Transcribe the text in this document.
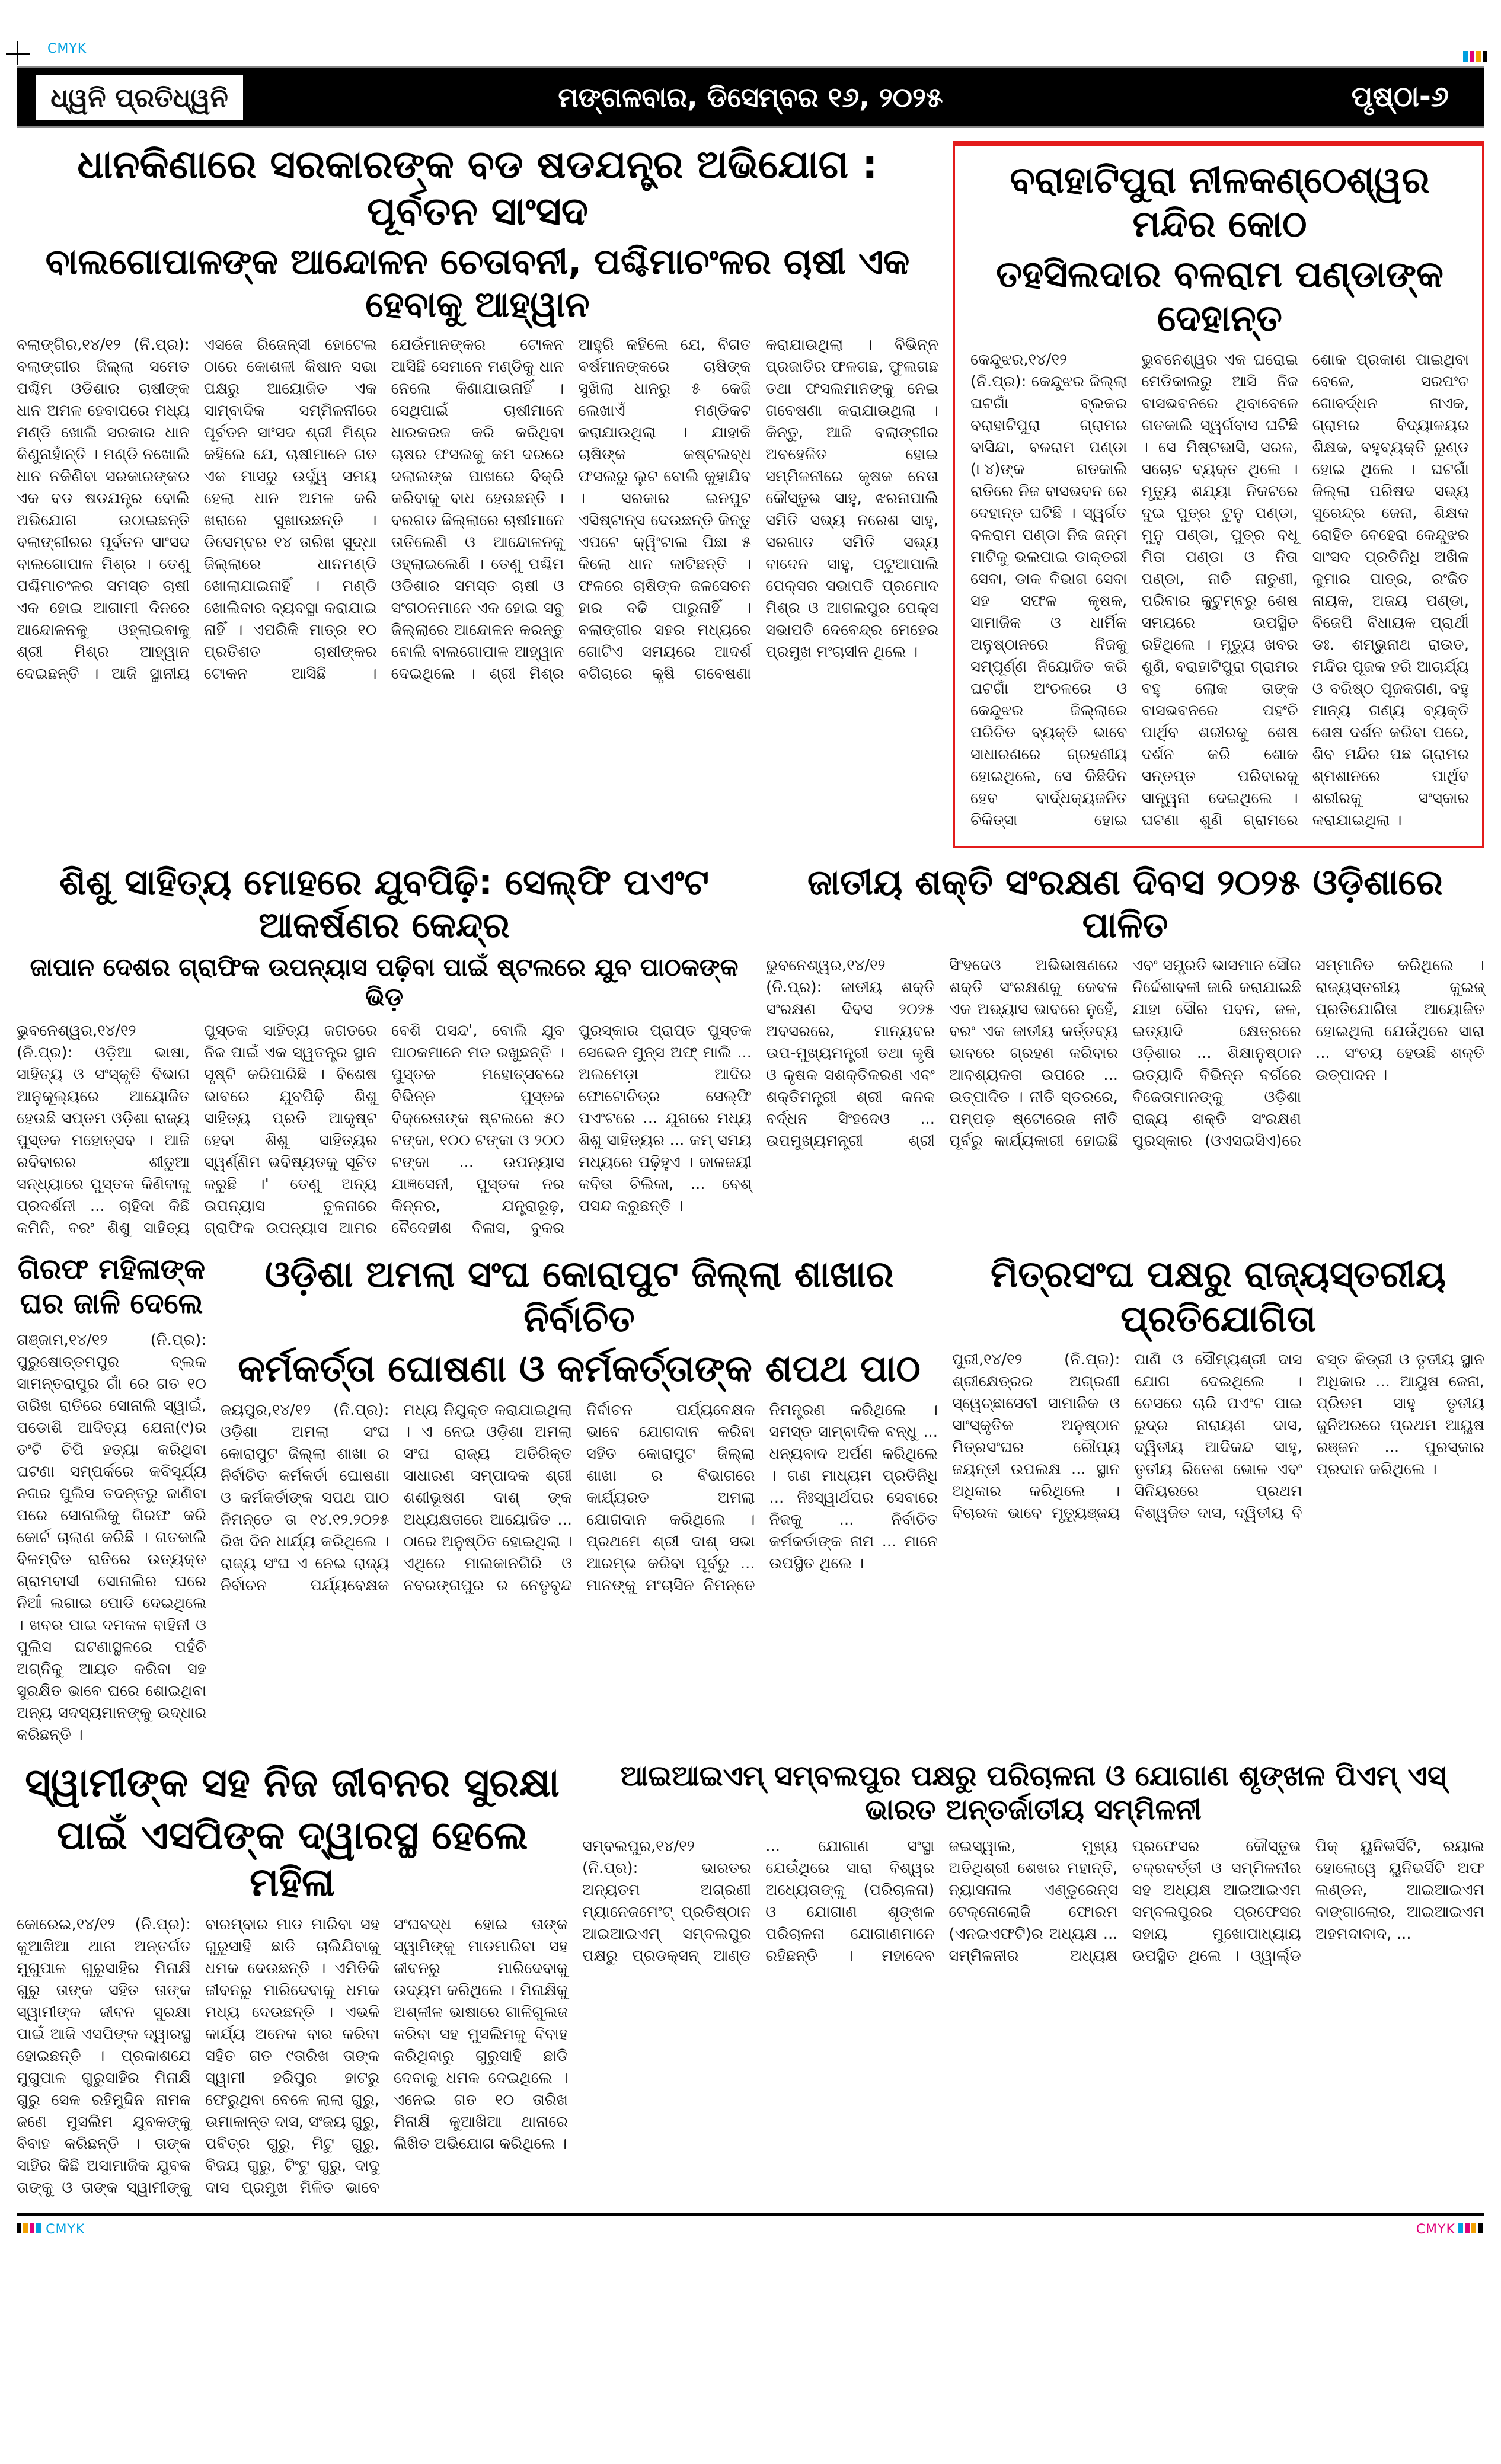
CMYK
ଧ୍ୱନି ପ୍ରତିଧ୍ୱନି	ମଙ୍ଗଳବାର, ଡିସେମ୍ବର ୧୬, ୨୦୨୫	ପୃଷ୍ଠା-୬
ଧାନକିଣାରେ ସରକାରଙ୍କ ବଡ ଷଡଯନ୍ତ୍ର ଅଭିଯୋଗ : ପୂର୍ବତନ ସାଂସଦ
ବାଲଗୋପାଳଙ୍କ ଆନ୍ଦୋଳନ ଚେତାବନୀ, ପଶ୍ଚିମାଚଂଳର ଚାଷୀ ଏକ ହେବାକୁ ଆହ୍ୱାନ
ବଲାଙ୍ଗିର,୧୪/୧୨ (ନି.ପ୍ର): ବଲାଙ୍ଗୀର ଜିଲ୍ଲା ସମେତ ପଶ୍ଚିମ ଓଡିଶାର ଚାଷୀଙ୍କ ଧାନ ଅମଳ ହେବାପରେ ମଧ୍ୟ ମଣ୍ଡି ଖୋଲି ସରକାର ଧାନ କିଣୁନାହାଁନ୍ତି । ମଣ୍ଡି ନଖୋଲି ଧାନ ନକିଣିବା ସରକାରଙ୍କର ଏକ ବଡ ଷଡଯନ୍ତ୍ର ବୋଲି ଅଭିଯୋଗ ଉଠାଇଛନ୍ତି ବଲାଙ୍ଗୀରର ପୂର୍ବତନ ସାଂସଦ ବାଲଗୋପାଳ ମିଶ୍ର । ତେଣୁ ପଶ୍ଚିମାଚଂଳର ସମସ୍ତ ଚାଷୀ ଏକ ହୋଇ ଆଗାମୀ ଦିନରେ ଆନ୍ଦୋଳନକୁ ଓହ୍ଲାଇବାକୁ ଶ୍ରୀ ମିଶ୍ର ଆହ୍ୱାନ ଦେଇଛନ୍ତି । ଆଜି ସ୍ଥାନୀୟ ଏସଜେ ରିଜେନ୍ସୀ ହୋଟେଲ ଠାରେ କୋଶଳୀ କିଷାନ ସଭା ପକ୍ଷରୁ ଆୟୋଜିତ ଏକ ସାମ୍ବାଦିକ ସମ୍ମିଳନୀରେ ପୂର୍ବତନ ସାଂସଦ ଶ୍ରୀ ମିଶ୍ର କହିଲେ ଯେ, ଚାଷୀମାନେ ଗତ ଏକ ମାସରୁ ଉର୍ଦ୍ଧ୍ୱ ସମୟ ହେଲା ଧାନ ଅମଳ କରି ଖରାରେ ସୁଖାଉଛନ୍ତି । ଡିସେମ୍ବର ୧୪ ତାରିଖ ସୁଦ୍ଧା ଜିଲ୍ଲାରେ ଧାନମଣ୍ଡି ଖୋଲାଯାଇନାହିଁ । ମଣ୍ଡି ଖୋଲିବାର ବ୍ୟବସ୍ଥା କରାଯାଇ ନାହିଁ । ଏପରିକି ମାତ୍ର ୧୦ ପ୍ରତିଶତ ଚାଷୀଙ୍କର ଟୋକନ ଆସିଛି । ଯେଉଁମାନଙ୍କର ଟୋକନ ଆସିଛି ସେମାନେ ମଣ୍ଡିକୁ ଧାନ ନେଲେ କିଣାଯାଉନାହିଁ । ସେଥିପାଇଁ ଚାଷୀମାନେ ଧାରକରଜ କରି କରିଥିବା ଚାଷର ଫସଲକୁ କମ ଦରରେ ଦଲାଲଙ୍କ ପାଖରେ ବିକ୍ରି କରିବାକୁ ବାଧ ହେଉଛନ୍ତି । ବରଗଡ ଜିଲ୍ଲାରେ ଚାଷୀମାନେ ତାତିଲେଣି ଓ ଆନ୍ଦୋଳନକୁ ଓହ୍ଲାଇଲେଣି । ତେଣୁ ପଶ୍ଚିମ ଓଡିଶାର ସମସ୍ତ ଚାଷୀ ଓ ସଂଗଠନମାନେ ଏକ ହୋଇ ସବୁ ଜିଲ୍ଲାରେ ଆନ୍ଦୋଳନ କରନ୍ତୁ ବୋଲି ବାଲଗୋପାଳ ଆହ୍ୱାନ ଦେଇଥିଲେ । ଶ୍ରୀ ମିଶ୍ର ଆହୁରି କହିଲେ ଯେ, ବିଗତ ବର୍ଷମାନଙ୍କରେ ଚାଷିଙ୍କ ସୁଖିଲା ଧାନରୁ ୫ କେଜି ଲେଖାଏଁ ମଣ୍ଡିକଟ କରାଯାଉଥିଲା । ଯାହାକି ଚାଷିଙ୍କ କଷ୍ଟଲବ୍ଧ ଫସଲରୁ ଲୁଟ ବୋଲି କୁହାଯିବ । ସରକାର ଇନପୁଟ ଏସିଷ୍ଟାନ୍ସ ଦେଉଛନ୍ତି କିନ୍ତୁ ଏପଟେ କ୍ୱିଂଟାଲ ପିଛା ୫ କିଲୋ ଧାନ କାଟିଛନ୍ତି । ଫଳରେ ଚାଷିଙ୍କ ଜଳସେଚନ ହାର ବଢି ପାରୁନାହିଁ । ବଲାଙ୍ଗୀର ସହର ମଧ୍ୟରେ ଗୋଟିଏ ସମୟରେ ଆଦର୍ଶ ବଗିଚାରେ କୃଷି ଗବେଷଣା କରାଯାଉଥିଲା । ବିଭିନ୍ନ ପ୍ରଜାତିର ଫଳଗଛ, ଫୁଲଗଛ ତଥା ଫସଲମାନଙ୍କୁ ନେଇ ଗବେଷଣା କରାଯାଉଥିଲା । କିନ୍ତୁ, ଆଜି ବଲାଙ୍ଗୀର ଅବହେଳିତ ହୋଇ ସମ୍ମିଳନୀରେ କୃଷକ ନେତା କୌସ୍ତୁଭ ସାହୁ, ଝରନାପାଲି ସମିତି ସଭ୍ୟ ନରେଶ ସାହୁ, ସରଗାଡ ସମିତି ସଭ୍ୟ ବାଦେନ ସାହୁ, ପଟୁଆପାଲି ପେକ୍ସର ସଭାପତି ପ୍ରମୋଦ ମିଶ୍ର ଓ ଆଗଲପୁର ପେକ୍ସ ସଭାପତି ଦେବେନ୍ଦ୍ର ମେହେର ପ୍ରମୁଖ ମଂଚାସୀନ ଥିଲେ ।
ବରାହାଟିପୁରା ନୀଳକଣ୍ଠେଶ୍ୱର ମନ୍ଦିର କୋଠ
ତହସିଲଦାର ବଳରାମ ପଣ୍ଡାଙ୍କ ଦେହାନ୍ତ
କେନ୍ଦୁଝର,୧୪/୧୨ (ନି.ପ୍ର): କେନ୍ଦୁଝର ଜିଲ୍ଲା ଘଟଗାଁ ବ୍ଲକର ବରାହାଟିପୁରା ଗ୍ରାମର ବାସିନ୍ଦା, ବଳରାମ ପଣ୍ଡା (୮୪)ଙ୍କ ଗତକାଲି ରାତିରେ ନିଜ ବାସଭବନ ରେ ଦେହାନ୍ତ ଘଟିଛି । ସ୍ୱର୍ଗତ ବଳରାମ ପଣ୍ଡା ନିଜ ଜନ୍ମ ମାଟିକୁ ଭଲପାଇ ଡାକ୍ତରୀ ସେବା, ଡାକ ବିଭାଗ ସେବା ସହ ସଫଳ କୃଷକ, ସାମାଜିକ ଓ ଧାର୍ମିକ ଅନୁଷ୍ଠାନରେ ନିଜକୁ ସମ୍ପୂର୍ଣ୍ଣ ନିୟୋଜିତ କରି ଘଟଗାଁ ଅଂଚଳରେ ଓ କେନ୍ଦୁଝର ଜିଲ୍ଲାରେ ପରିଚିତ ବ୍ୟକ୍ତି ଭାବେ ସାଧାରଣରେ ଗ୍ରହଣୀୟ ହୋଇଥିଲେ, ସେ କିଛିଦିନ ହେବ ବାର୍ଦ୍ଧକ୍ୟଜନିତ ଚିକିତ୍ସା ହୋଇ ଭୁବନେଶ୍ୱର ଏକ ଘରୋଇ ମେଡିକାଲରୁ ଆସି ନିଜ ବାସଭବନରେ ଥିବାବେଳେ ଗତକାଲି ସ୍ୱର୍ଗବାସ ଘଟିଛି । ସେ ମିଷ୍ଟଭାସି, ସରଳ, ସଚୋଟ ବ୍ୟକ୍ତ ଥିଲେ । ମୃତ୍ୟୁ ଶଯ୍ୟା ନିକଟରେ ଦୁଇ ପୁତ୍ର ଟୁନୁ ପଣ୍ଡା, ମୁନୁ ପଣ୍ଡା, ପୁତ୍ର ବଧୂ ମିତା ପଣ୍ଡା ଓ ନିତା ପଣ୍ଡା, ନାତି ନାତୁଣୀ, ପରିବାର କୁଟୁମ୍ବରୁ ଶେଷ ସମୟରେ ଉପସ୍ଥିତ ରହିଥିଲେ । ମୃତ୍ୟୁ ଖବର ଶୁଣି, ବରାହାଟିପୁରା ଗ୍ରାମର ବହୁ ଲୋକ ତାଙ୍କ ବାସଭବନରେ ପହଂଚି ପାର୍ଥିବ ଶରୀରକୁ ଶେଷ ଦର୍ଶନ କରି ଶୋକ ସନ୍ତପ୍ତ ପରିବାରକୁ ସାନ୍ତ୍ୱନା ଦେଇଥିଲେ । ଘଟଣା ଶୁଣି ଗ୍ରାମରେ ଶୋକ ପ୍ରକାଶ ପାଇଥିବା ବେଳେ, ସରପଂଚ ଗୋବର୍ଦ୍ଧନ ନାଏକ, ଗ୍ରାମର ବିଦ୍ୟାଳୟର ଶିକ୍ଷକ, ବହୁବ୍ୟକ୍ତି ରୁଣ୍ଡ ହୋଇ ଥିଲେ । ଘଟଗାଁ ଜିଲ୍ଲା ପରିଷଦ ସଭ୍ୟ ସୁରେନ୍ଦ୍ର ଜେନା, ଶିକ୍ଷକ ରୋହିତ ବେହେରା କେନ୍ଦୁଝର ସାଂସଦ ପ୍ରତିନିଧି ଅଖିଳ କୁମାର ପାତ୍ର, ରଂଜିତ ନାୟକ, ଅଜୟ ପଣ୍ଡା, ବିଜେପି ବିଧାୟକ ପ୍ରାର୍ଥୀ ଡଃ. ଶମ୍ଭୁନାଥ ରାଉତ, ମନ୍ଦିର ପୂଜକ ହରି ଆଚାର୍ଯ୍ୟ ଓ ବରିଷ୍ଠ ପୂଜକଗଣ, ବହୁ ମାନ୍ୟ ଗଣ୍ୟ ବ୍ୟକ୍ତି ଶେଷ ଦର୍ଶନ କରିବା ପରେ, ଶିବ ମନ୍ଦିର ପଛ ଗ୍ରାମର ଶ୍ମଶାନରେ ପାର୍ଥିବ ଶରୀରକୁ ସଂସ୍କାର କରାଯାଇଥିଲା ।
ଶିଶୁ ସାହିତ୍ୟ ମୋହରେ ଯୁବପିଢ଼ି: ସେଲ୍ଫି ପଏଂଟ ଆକର୍ଷଣର କେନ୍ଦ୍ର
ଜାପାନ ଦେଶର ଗ୍ରାଫିକ ଉପନ୍ୟାସ ପଢ଼ିବା ପାଇଁ ଷ୍ଟଲରେ ଯୁବ ପାଠକଙ୍କ ଭିଡ଼
ଭୁବନେଶ୍ୱର,୧୪/୧୨ (ନି.ପ୍ର): ଓଡ଼ିଆ ଭାଷା, ସାହିତ୍ୟ ଓ ସଂସ୍କୃତି ବିଭାଗ ଆନୁକୂଲ୍ୟରେ ଆୟୋଜିତ ହେଉଛି ସପ୍ତମ ଓଡ଼ିଶା ରାଜ୍ୟ ପୁସ୍ତକ ମହୋତ୍ସବ । ଆଜି ରବିବାରର ଶୀତୁଆ ସନ୍ଧ୍ୟାରେ ପୁସ୍ତକ କିଣିବାକୁ ପ୍ରଦର୍ଶନୀ ... ଚାହିଦା କିଛି କମିନି, ବରଂ ଶିଶୁ ସାହିତ୍ୟ ପୁସ୍ତକ ସାହିତ୍ୟ ଜଗତରେ ନିଜ ପାଇଁ ଏକ ସ୍ୱତନ୍ତ୍ର ସ୍ଥାନ ସୃଷ୍ଟି କରିପାରିଛି । ବିଶେଷ ଭାବରେ ଯୁବପିଢ଼ି ଶିଶୁ ସାହିତ୍ୟ ପ୍ରତି ଆକୃଷ୍ଟ ହେବା ଶିଶୁ ସାହିତ୍ୟର ସ୍ୱର୍ଣ୍ଣିମ ଭବିଷ୍ୟତକୁ ସୂଚିତ କରୁଛି ।' ତେଣୁ ଅନ୍ୟ ଉପନ୍ୟାସ ତୁଳନାରେ ଗ୍ରାଫିକ ଉପନ୍ୟାସ ଆମର ବେଶି ପସନ୍ଦ', ବୋଲି ଯୁବ ପାଠକମାନେ ମତ ରଖୁଛନ୍ତି । ପୁସ୍ତକ ମହୋତ୍ସବରେ ବିଭିନ୍ନ ପୁସ୍ତକ ବିକ୍ରେତାଙ୍କ ଷ୍ଟଲରେ ୫୦ ଟଙ୍କା, ୧୦୦ ଟଙ୍କା ଓ ୨୦୦ ଟଙ୍କା ... ଉପନ୍ୟାସ ଯାଜ୍ଞସେନୀ, ପୁସ୍ତକ ନର କିନ୍ନର, ଯନ୍ତ୍ରାରୂଢ଼, ବୈଦେହୀଶ ବିଳାସ, ବୁକର ପୁରସ୍କାର ପ୍ରାପ୍ତ ପୁସ୍ତକ ସେଭେନ ମୁନ୍ସ ଅଫ୍ ମାଲି ... ଅଲମେଡ଼ା ଆଦିର ଫୋଟୋଚିତ୍ର ସେଲ୍ଫି ପଏଂଟରେ ... ଯୁଗରେ ମଧ୍ୟ ଶିଶୁ ସାହିତ୍ୟର ... କମ୍ ସମୟ ମଧ୍ୟରେ ପଢ଼ିହୁଏ । କାଳଜୟୀ କବିତା ଚିଲିକା, ... ବେଶ୍ ପସନ୍ଦ କରୁଛନ୍ତି ।
ଜାତୀୟ ଶକ୍ତି ସଂରକ୍ଷଣ ଦିବସ ୨୦୨୫ ଓଡ଼ିଶାରେ ପାଳିତ
ଭୁବନେଶ୍ୱର,୧୪/୧୨ (ନି.ପ୍ର): ଜାତୀୟ ଶକ୍ତି ସଂରକ୍ଷଣ ଦିବସ ୨୦୨୫ ଅବସରରେ, ମାନ୍ୟବର ଉପ-ମୁଖ୍ୟମନ୍ତ୍ରୀ ତଥା କୃଷି ଓ କୃଷକ ସଶକ୍ତିକରଣ ଏବଂ ଶକ୍ତିମନ୍ତ୍ରୀ ଶ୍ରୀ କନକ ବର୍ଦ୍ଧନ ସିଂହଦେଓ ... ଉପମୁଖ୍ୟମନ୍ତ୍ରୀ ଶ୍ରୀ ସିଂହଦେଓ ଅଭିଭାଷଣରେ ଶକ୍ତି ସଂରକ୍ଷଣକୁ କେବଳ ଏକ ଅଭ୍ୟାସ ଭାବରେ ନୁହେଁ, ବରଂ ଏକ ଜାତୀୟ କର୍ତ୍ତବ୍ୟ ଭାବରେ ଗ୍ରହଣ କରିବାର ଆବଶ୍ୟକତା ଉପରେ ... ଉତ୍ପାଦିତ । ନୀତି ସ୍ତରରେ, ପମ୍ପଡ଼ ଷ୍ଟୋରେଜ ନୀତି ପୂର୍ବରୁ କାର୍ଯ୍ୟକାରୀ ହୋଇଛି ଏବଂ ସମ୍ପ୍ରତି ଭାସମାନ ସୌର ନିର୍ଦ୍ଦେଶାବଳୀ ଜାରି କରାଯାଇଛି ଯାହା ସୌର ପବନ, ଜଳ, ଇତ୍ୟାଦି କ୍ଷେତ୍ରରେ ଓଡ଼ିଶାର ... ଶିକ୍ଷାନୁଷ୍ଠାନ ଇତ୍ୟାଦି ବିଭିନ୍ନ ବର୍ଗରେ ବିଜେତାମାନଙ୍କୁ ଓଡ଼ିଶା ରାଜ୍ୟ ଶକ୍ତି ସଂରକ୍ଷଣ ପୁରସ୍କାର (ଓଏସଇସିଏ)ରେ ସମ୍ମାନିତ କରିଥିଲେ । ରାଜ୍ୟସ୍ତରୀୟ କୁଇଜ୍ ପ୍ରତିଯୋଗିତା ଆୟୋଜିତ ହୋଇଥିଲା ଯେଉଁଥିରେ ସାରା ... ସଂଚୟ ହେଉଛି ଶକ୍ତି ଉତ୍ପାଦନ ।
ଗିରଫ ମହିଳାଙ୍କ ଘର ଜାଳି ଦେଲେ
ଗଞ୍ଜାମ,୧୪/୧୨ (ନି.ପ୍ର): ପୁରୁଷୋତ୍ତମପୁର ବ୍ଲକ ସାମନ୍ତରାପୁର ଗାଁ ରେ ଗତ ୧୦ ତାରିଖ ରାତିରେ ସୋନାଲି ସ୍ୱାଇଁ, ପଡୋଶି ଆଦିତ୍ୟ ଯେନା(୯)ର ତଂଟି ଚିପି ହତ୍ୟା କରିଥିବା ଘଟଣା ସମ୍ପର୍କରେ କବିସୂର୍ଯ୍ୟ ନଗର ପୁଲିସ ତଦନ୍ତରୁ ଜାଣିବା ପରେ ସୋନାଲିକୁ ଗିରଫ କରି କୋର୍ଟ ଚାଲାଣ କରିଛି । ଗତକାଲି ବିଳମ୍ବିତ ରାତିରେ ଉତ୍ୟକ୍ତ ଗ୍ରାମବାସୀ ସୋନାଲିର ଘରେ ନିଆଁ ଲଗାଇ ପୋଡି ଦେଇଥିଲେ । ଖବର ପାଇ ଦମକଳ ବାହିନୀ ଓ ପୁଲିସ ଘଟଣାସ୍ଥଳରେ ପହଁଚି ଅଗ୍ନିକୁ ଆୟତ କରିବା ସହ ସୁରକ୍ଷିତ ଭାବେ ଘରେ ଶୋଇଥିବା ଅନ୍ୟ ସଦସ୍ୟମାନଙ୍କୁ ଉଦ୍ଧାର କରିଛନ୍ତି ।
ଓଡ଼ିଶା ଅମଲା ସଂଘ କୋରାପୁଟ ଜିଲ୍ଲା ଶାଖାର ନିର୍ବାଚିତ
କର୍ମକର୍ତ୍ତା ଘୋଷଣା ଓ କର୍ମକର୍ତ୍ତାଙ୍କ ଶପଥ ପାଠ
ଜୟପୁର,୧୪/୧୨ (ନି.ପ୍ର): ଓଡ଼ିଶା ଅମଲା ସଂଘ କୋରାପୁଟ ଜିଲ୍ଲା ଶାଖା ର ନିର୍ବାଚିତ କର୍ମକର୍ତା ଘୋଷଣା ଓ କର୍ମକର୍ତାଙ୍କ ସପଥ ପାଠ ନିମନ୍ତେ ତା ୧୪.୧୨.୨୦୨୫ ରିଖ ଦିନ ଧାର୍ଯ୍ୟ କରିଥିଲେ । ରାଜ୍ୟ ସଂଘ ଏ ନେଇ ରାଜ୍ୟ ନିର୍ବାଚନ ପର୍ଯ୍ୟବେକ୍ଷକ ମଧ୍ୟ ନିଯୁକ୍ତ କରାଯାଇଥିଲା । ଏ ନେଇ ଓଡ଼ିଶା ଅମଲା ସଂଘ ରାଜ୍ୟ ଅତିରିକ୍ତ ସାଧାରଣ ସମ୍ପାଦକ ଶ୍ରୀ ଶଶୀଭୂଷଣ ଦାଶ୍ ଙ୍କ ଅଧ୍ୟକ୍ଷତାରେ ଆୟୋଜିତ ... ଠାରେ ଅନୁଷ୍ଠିତ ହୋଇଥିଲା । ଏଥିରେ ମାଲକାନଗିରି ଓ ନବରଙ୍ଗପୁର ର ନେତୃବୃନ୍ଦ ନିର୍ବାଚନ ପର୍ଯ୍ୟବେକ୍ଷକ ଭାବେ ଯୋଗଦାନ କରିବା ସହିତ କୋରାପୁଟ ଜିଲ୍ଲା ଶାଖା ର ବିଭାଗରେ କାର୍ଯ୍ୟରତ ଅମଲା ଯୋଗଦାନ କରିଥିଲେ । ପ୍ରଥମେ ଶ୍ରୀ ଦାଶ୍ ସଭା ଆରମ୍ଭ କରିବା ପୂର୍ବରୁ ... ମାନଙ୍କୁ ମଂଚାସିନ ନିମନ୍ତେ ନିମନ୍ତ୍ରଣ କରିଥିଲେ । ସମସ୍ତ ସାମ୍ବାଦିକ ବନ୍ଧୁ ... ଧନ୍ୟବାଦ ଅର୍ପଣ କରିଥିଲେ । ଗଣ ମାଧ୍ୟମ ପ୍ରତିନିଧି ... ନିଃସ୍ୱାର୍ଥପର ସେବାରେ ନିଜକୁ ... ନିର୍ବାଚିତ କର୍ମକର୍ତାଙ୍କ ନାମ ... ମାନେ ଉପସ୍ଥିତ ଥିଲେ ।
ମିତ୍ରସଂଘ ପକ୍ଷରୁ ରାଜ୍ୟସ୍ତରୀୟ ପ୍ରତିଯୋଗିତା
ପୁରୀ,୧୪/୧୨ (ନି.ପ୍ର): ଶ୍ରୀକ୍ଷେତ୍ରର ଅଗ୍ରଣୀ ସ୍ୱେଚ୍ଛାସେବୀ ସାମାଜିକ ଓ ସାଂସ୍କୃତିକ ଅନୁଷ୍ଠାନ ମିତ୍ରସଂଘର ରୌପ୍ୟ ଜୟନ୍ତୀ ଉପଲକ୍ଷ ... ସ୍ଥାନ ଅଧିକାର କରିଥିଲେ । ବିଚାରକ ଭାବେ ମୃତ୍ୟୁଞ୍ଜୟ ପାଣି ଓ ସୌମ୍ୟଶ୍ରୀ ଦାସ ଯୋଗ ଦେଇଥିଲେ । ଚେସରେ ଚାରି ପଏଂଟ ପାଇ ରୁଦ୍ର ନାରାୟଣ ଦାସ, ଦ୍ୱିତୀୟ ଆଦିକନ୍ଦ ସାହୁ, ତୃତୀୟ ରିତେଶ ଭୋଳ ଏବଂ ସିନିୟରରେ ପ୍ରଥମ ବିଶ୍ୱଜିତ ଦାସ, ଦ୍ୱିତୀୟ ବି ବସ୍ତ କିଡ୍ରୀ ଓ ତୃତୀୟ ସ୍ଥାନ ଅଧିକାର ... ଆୟୁଷ ଜେନା, ପ୍ରିତମ ସାହୁ ତୃତୀୟ ଜୁନିଅରରେ ପ୍ରଥମ ଆୟୁଷ ରଞ୍ଜନ ... ପୁରସ୍କାର ପ୍ରଦାନ କରିଥିଲେ ।
ସ୍ୱାମୀଙ୍କ ସହ ନିଜ ଜୀବନର ସୁରକ୍ଷା
ପାଇଁ ଏସପିଙ୍କ ଦ୍ୱାରସ୍ଥ ହେଲେ ମହିଳା
କୋରେଇ,୧୪/୧୨ (ନି.ପ୍ର): କୁଆଖିଆ ଥାନା ଅନ୍ତର୍ଗତ ମୁଗୁପାଳ ଗୁରୁସାହିର ମିନାକ୍ଷି ଗୁରୁ ତାଙ୍କ ସହିତ ତାଙ୍କ ସ୍ୱାମୀଙ୍କ ଜୀବନ ସୁରକ୍ଷା ପାଇଁ ଆଜି ଏସପିଙ୍କ ଦ୍ୱାରସ୍ଥ ହୋଇଛନ୍ତି । ପ୍ରକାଶଯେ ମୁଗୁପାଳ ଗୁରୁସାହିର ମିନାକ୍ଷି ଗୁରୁ ସେକ ରହିମୁଦ୍ଦିନ ନାମକ ଜଣେ ମୁସଲିମ ଯୁବକଙ୍କୁ ବିବାହ କରିଛନ୍ତି । ତାଙ୍କ ସାହିର କିଛି ଅସାମାଜିକ ଯୁବକ ତାଙ୍କୁ ଓ ତାଙ୍କ ସ୍ୱାମୀଙ୍କୁ ବାରମ୍ବାର ମାଡ ମାରିବା ସହ ଗୁରୁସାହି ଛାଡି ଚାଲିଯିବାକୁ ଧମକ ଦେଉଛନ୍ତି । ଏମିତିକି ଜୀବନରୁ ମାରିଦେବାକୁ ଧମକ ମଧ୍ୟ ଦେଉଛନ୍ତି । ଏଭଳି କାର୍ଯ୍ୟ ଅନେକ ବାର କରିବା ସହିତ ଗତ ୯ତାରିଖ ତାଙ୍କ ସ୍ୱାମୀ ହରିପୁର ହାଟରୁ ଫେରୁଥିବା ବେଳେ ଲାଲା ଗୁରୁ, ଉମାକାନ୍ତ ଦାସ, ସଂଜୟ ଗୁରୁ, ପବିତ୍ର ଗୁରୁ, ମିଟୁ ଗୁରୁ, ବିଜୟ ଗୁରୁ, ଟିଂଟୁ ଗୁରୁ, ଦାଦୁ ଦାସ ପ୍ରମୁଖ ମିଳିତ ଭାବେ ସଂଘବଦ୍ଧ ହୋଇ ତାଙ୍କ ସ୍ୱାମିଙ୍କୁ ମାଡମାରିବା ସହ ଜୀବନରୁ ମାରିଦେବାକୁ ଉଦ୍ୟମ କରିଥିଲେ । ମିନାକ୍ଷିକୁ ଅଶ୍ଳୀଳ ଭାଷାରେ ଗାଳିଗୁଲଜ କରିବା ସହ ମୁସଲିମକୁ ବିବାହ କରିଥିବାରୁ ଗୁରୁସାହି ଛାଡି ଦେବାକୁ ଧମକ ଦେଇଥିଲେ । ଏନେଇ ଗତ ୧୦ ତାରିଖ ମିନାକ୍ଷି କୁଆଖିଆ ଥାନାରେ ଲିଖିତ ଅଭିଯୋଗ କରିଥିଲେ ।
ଆଇଆଇଏମ୍ ସମ୍ବଲପୁର ପକ୍ଷରୁ ପରିଚାଳନା ଓ ଯୋଗାଣ ଶୃଙ୍ଖଳ ପିଏମ୍ ଏସ୍ ଭାରତ ଅନ୍ତର୍ଜାତୀୟ ସମ୍ମିଳନୀ
ସମ୍ବଲପୁର,୧୪/୧୨ (ନି.ପ୍ର): ଭାରତର ଅନ୍ୟତମ ଅଗ୍ରଣୀ ମ୍ୟାନେଜମେଂଟ୍ ପ୍ରତିଷ୍ଠାନ ଆଇଆଇଏମ୍ ସମ୍ବଲପୁର ପକ୍ଷରୁ ପ୍ରଡକ୍ସନ୍ ଆଣ୍ଡ ... ଯୋଗାଣ ସଂସ୍ଥା ଯେଉଁଥିରେ ସାରା ବିଶ୍ୱର ଅଧ୍ୟେତାଙ୍କୁ (ପରିଚାଳନା) ଓ ଯୋଗାଣ ଶୃଙ୍ଖଳ ପରିଚାଳନା ଯୋଗାଣମାନେ ରହିଛନ୍ତି । ମହାଦେବ ଜଇସ୍ୱାଲ, ମୁଖ୍ୟ ଅତିଥିଶ୍ରୀ ଶେଖର ମହାନ୍ତି, ନ୍ୟାସନାଲ ଏଣ୍ଡୁରେନ୍ସ ଟେକ୍ନୋଲୋଜି ଫୋରମ (ଏନଇଏଫଟି)ର ଅଧ୍ୟକ୍ଷ ... ସମ୍ମିଳନୀର ଅଧ୍ୟକ୍ଷ ପ୍ରଫେସର କୌସ୍ତୁଭ ଚକ୍ରବର୍ତ୍ତୀ ଓ ସମ୍ମିଳନୀର ସହ ଅଧ୍ୟକ୍ଷ ଆଇଆଇଏମ ସମ୍ବଲପୁରର ପ୍ରଫେସର ସହାୟ ମୁଖୋପାଧ୍ୟାୟ ଉପସ୍ଥିତ ଥିଲେ । ଓ୍ୱାର୍ଲ୍ଡ ପିକ୍ ୟୁନିଭର୍ସିଟି, ରୟାଲ ହୋଲୋୱେ ୟୁନିଭର୍ସିଟି ଅଫ ଲଣ୍ଡନ, ଆଇଆଇଏମ ବାଙ୍ଗାଲୋର, ଆଇଆଇଏମ ଅହମଦାବାଦ, ...
CMYK	CMYK
